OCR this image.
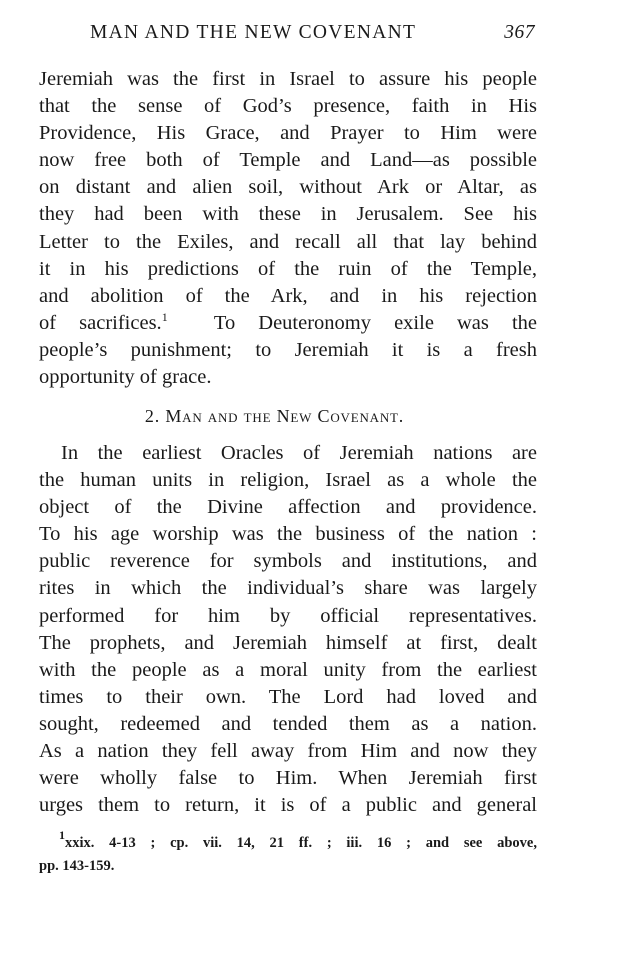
MAN AND THE NEW COVENANT	367
Jeremiah was the first in Israel to assure his people
that the sense of God’s presence, faith in His
Providence, His Grace, and Prayer to Him were
now free both of Temple and Land—as possible
on distant and alien soil, without Ark or Altar, as
they had been with these in Jerusalem. See his
Letter to the Exiles, and recall all that lay behind
it in his predictions of the ruin of the Temple,
and abolition of the Ark, and in his rejection
of sacrifices.$^1$ To Deuteronomy exile was the
people’s punishment; to Jeremiah it is a fresh
opportunity of grace.
2. Man and the New Covenant.
In the earliest Oracles of Jeremiah nations are
the human units in religion, Israel as a whole the
object of the Divine affection and providence.
To his age worship was the business of the nation :
public reverence for symbols and institutions, and
rites in which the individual’s share was largely
performed for him by official representatives.
The prophets, and Jeremiah himself at first, dealt
with the people as a moral unity from the earliest
times to their own. The Lord had loved and
sought, redeemed and tended them as a nation.
As a nation they fell away from Him and now they
were wholly false to Him. When Jeremiah first
urges them to return, it is of a public and general
$^1$xxix. 4-13 ; cp. vii. 14, 21 ff. ; iii. 16 ; and see above,
pp. 143-159.
